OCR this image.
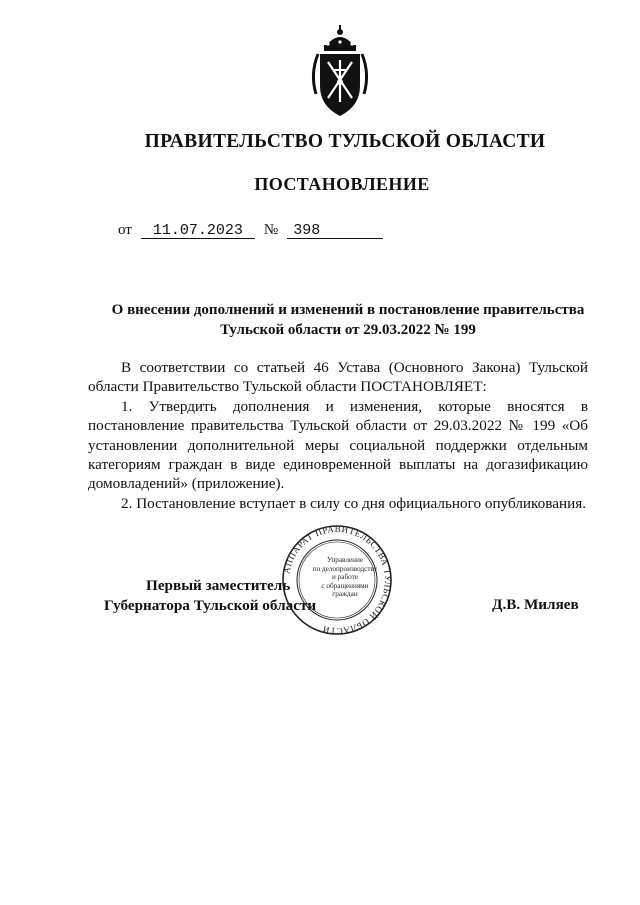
ПРАВИТЕЛЬСТВО ТУЛЬСКОЙ ОБЛАСТИ
ПОСТАНОВЛЕНИЕ
от 11.07.2023 № 398
О внесении дополнений и изменений в постановление правительства
Тульской области от 29.03.2022 № 199

В соответствии со статьей 46 Устава (Основного Закона) Тульской области Правительство Тульской области ПОСТАНОВЛЯЕТ:

1. Утвердить дополнения и изменения, которые вносятся в постановление правительства Тульской области от 29.03.2022 № 199 «Об установлении дополнительной меры социальной поддержки отдельным категориям граждан в виде единовременной выплаты на догазификацию домовладений» (приложение).

2. Постановление вступает в силу со дня официального опубликования.

Первый заместитель
Губернатора Тульской области	Д.В. Миляев
АППАРАТ ПРАВИТЕЛЬСТВА ТУЛЬСКОЙ ОБЛАСТИ
Управление
по делопроизводству
и работе
с обращениями
граждан
